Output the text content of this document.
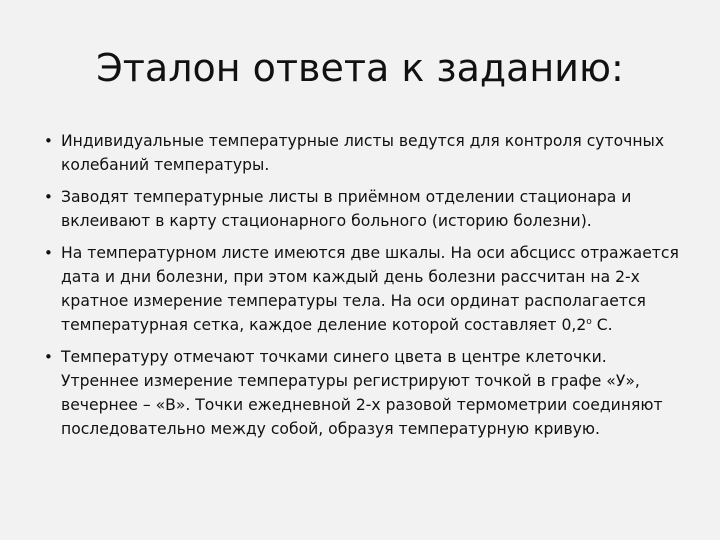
Эталон ответа к заданию:
• Индивидуальные температурные листы ведутся для контроля суточных колебаний температуры.
• Заводят температурные листы в приёмном отделении стационара и вклеивают в карту стационарного больного (историю болезни).
• На температурном листе имеются две шкалы. На оси абсцисс отражается дата и дни болезни, при этом каждый день болезни рассчитан на 2-х кратное измерение температуры тела. На оси ординат располагается температурная сетка, каждое деление которой составляет $0,2^о$ С.
• Температуру отмечают точками синего цвета в центре клеточки. Утреннее измерение температуры регистрируют точкой в графе «У», вечернее – «В». Точки ежедневной 2-х разовой термометрии соединяют последовательно между собой, образуя температурную кривую.
